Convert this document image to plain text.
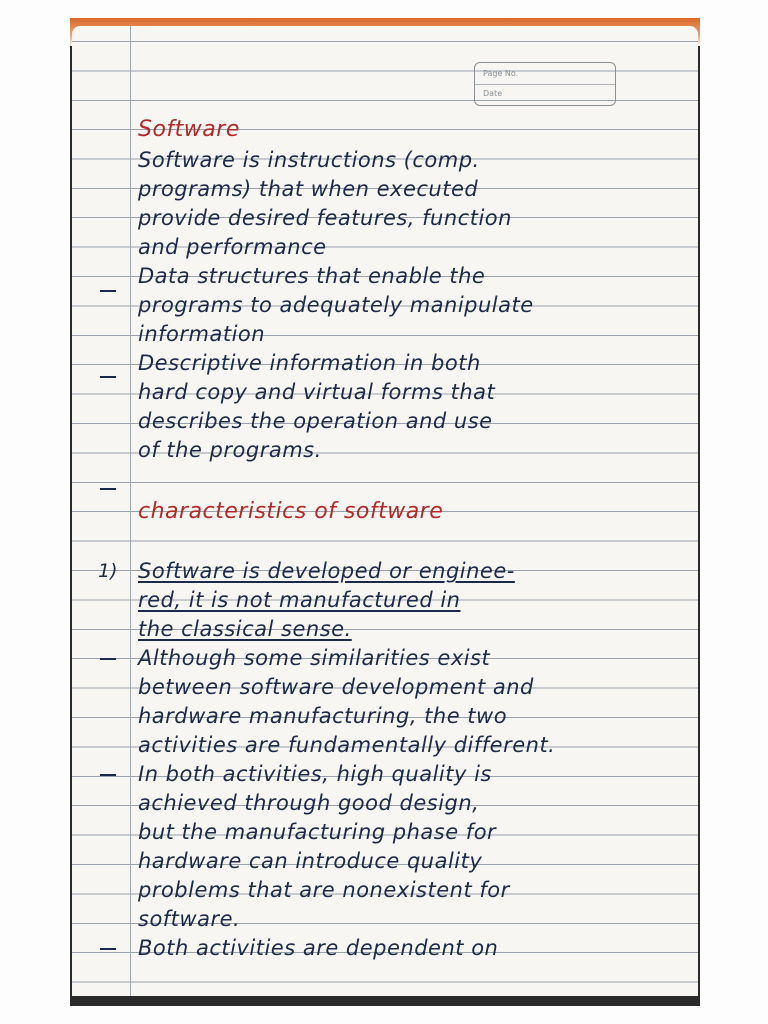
Page No.
Date
Software
Software is instructions (comp.
programs) that when executed
provide desired features, function
and performance
Data structures that enable the
programs to adequately manipulate
information
Descriptive information in both
hard copy and virtual forms that
describes the operation and use
of the programs.
characteristics of software
1) Software is developed or enginee-
red, it is not manufactured in
the classical sense.
Although some similarities exist
between software development and
hardware manufacturing, the two
activities are fundamentally different.
In both activities, high quality is
achieved through good design,
but the manufacturing phase for
hardware can introduce quality
problems that are nonexistent for
software.
Both activities are dependent on
